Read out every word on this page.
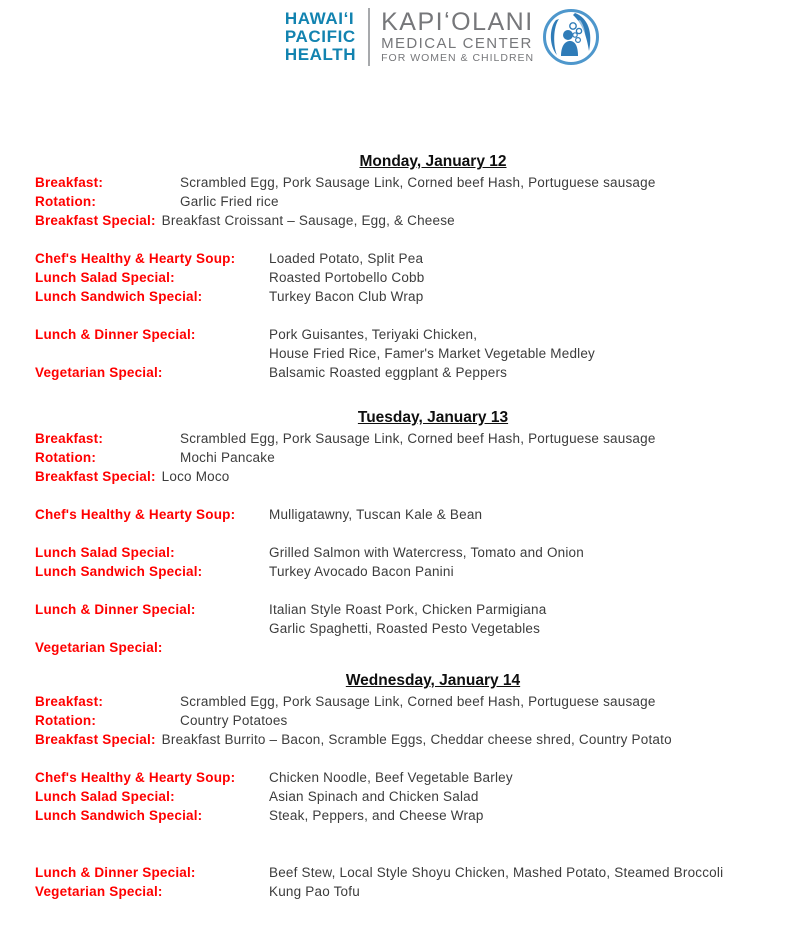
HAWAIʻI
PACIFIC
HEALTH
KAPIʻOLANI
MEDICAL CENTER
FOR WOMEN & CHILDREN
Monday, January 12
Breakfast:	Scrambled Egg, Pork Sausage Link, Corned beef Hash, Portuguese sausage
Rotation:	Garlic Fried rice
Breakfast Special: Breakfast Croissant – Sausage, Egg, & Cheese
Chef's Healthy & Hearty Soup:	Loaded Potato, Split Pea
Lunch Salad Special:	Roasted Portobello Cobb
Lunch Sandwich Special:	Turkey Bacon Club Wrap
Lunch & Dinner Special:	Pork Guisantes, Teriyaki Chicken,
House Fried Rice, Famer's Market Vegetable Medley
Vegetarian Special:	Balsamic Roasted eggplant & Peppers
Tuesday, January 13
Breakfast:	Scrambled Egg, Pork Sausage Link, Corned beef Hash, Portuguese sausage
Rotation:	Mochi Pancake
Breakfast Special: Loco Moco
Chef's Healthy & Hearty Soup:	Mulligatawny, Tuscan Kale & Bean
Lunch Salad Special:	Grilled Salmon with Watercress, Tomato and Onion
Lunch Sandwich Special:	Turkey Avocado Bacon Panini
Lunch & Dinner Special:	Italian Style Roast Pork, Chicken Parmigiana
Garlic Spaghetti, Roasted Pesto Vegetables
Vegetarian Special:
Wednesday, January 14
Breakfast:	Scrambled Egg, Pork Sausage Link, Corned beef Hash, Portuguese sausage
Rotation:	Country Potatoes
Breakfast Special: Breakfast Burrito – Bacon, Scramble Eggs, Cheddar cheese shred, Country Potato
Chef's Healthy & Hearty Soup:	Chicken Noodle, Beef Vegetable Barley
Lunch Salad Special:	Asian Spinach and Chicken Salad
Lunch Sandwich Special:	Steak, Peppers, and Cheese Wrap
Lunch & Dinner Special:	Beef Stew, Local Style Shoyu Chicken, Mashed Potato, Steamed Broccoli
Vegetarian Special:	Kung Pao Tofu
